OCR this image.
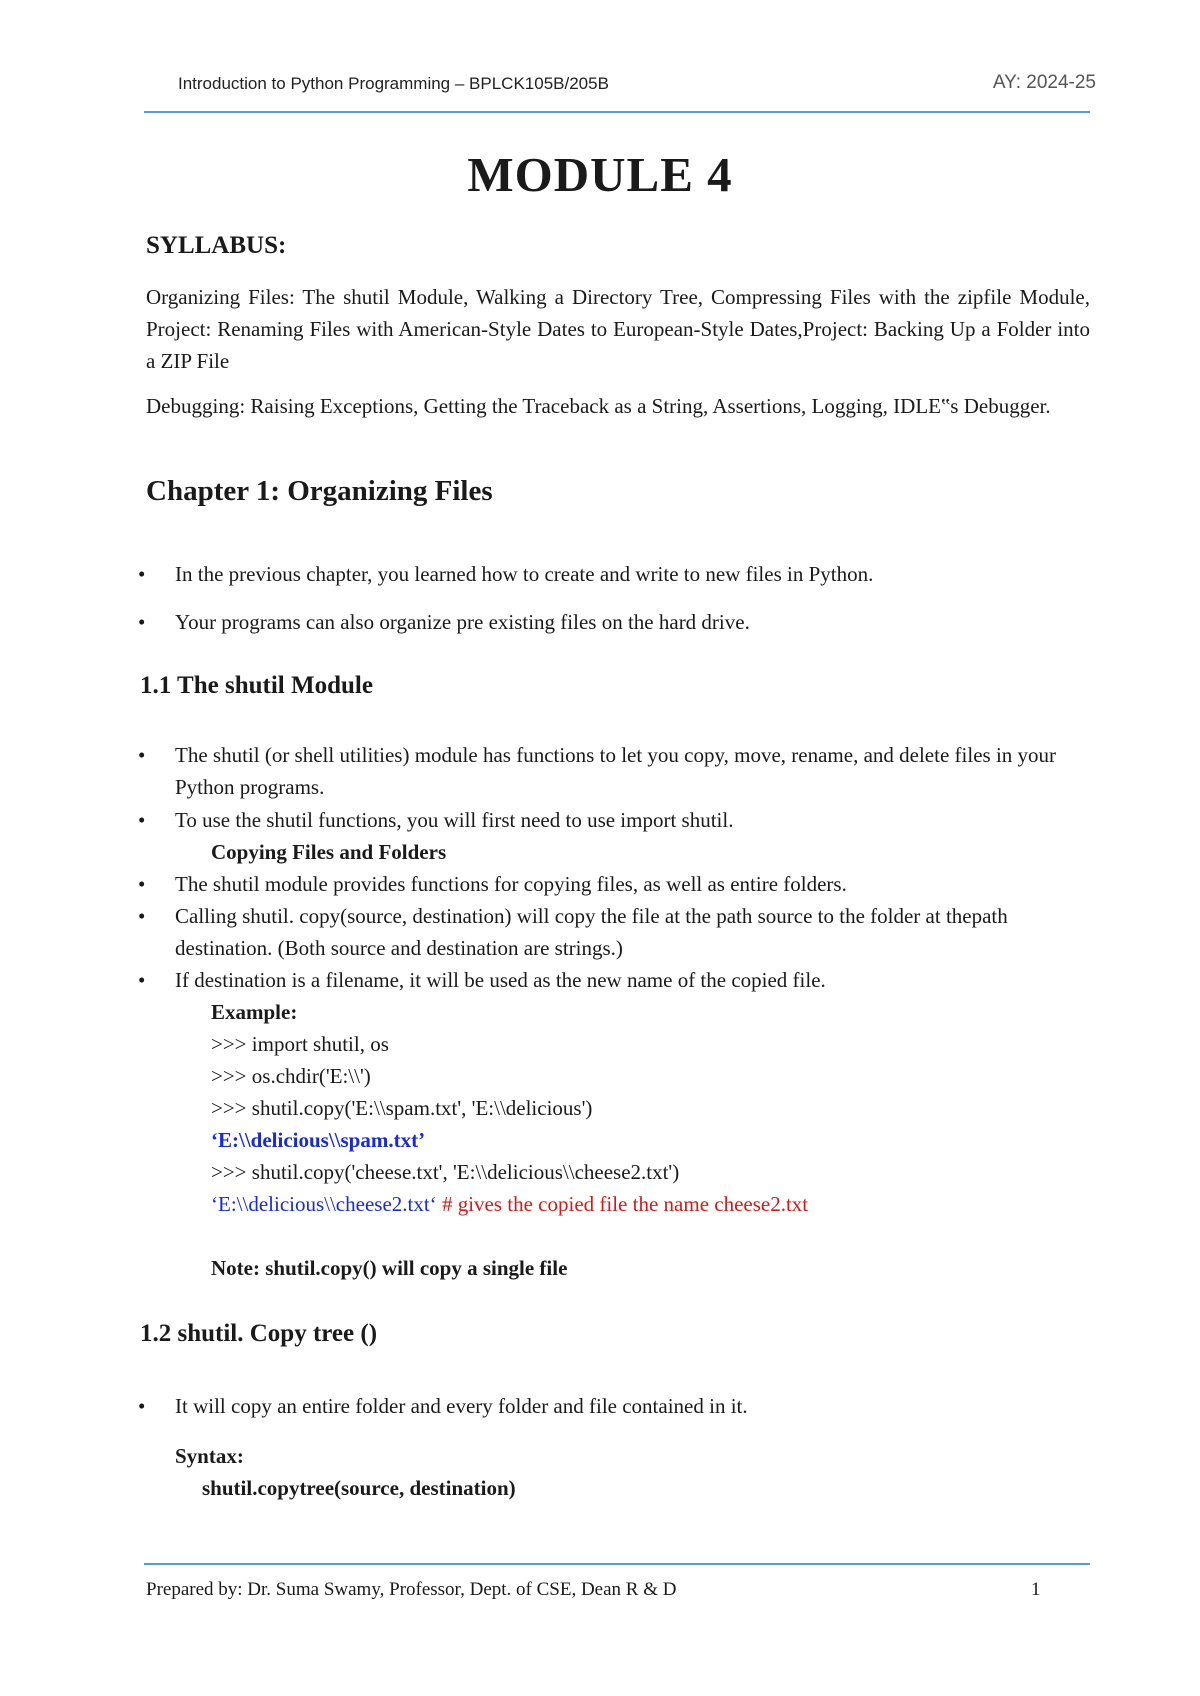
Introduction to Python Programming – BPLCK105B/205B	AY: 2024-25
MODULE 4
SYLLABUS:
Organizing Files: The shutil Module, Walking a Directory Tree, Compressing Files with the zipfile Module, Project: Renaming Files with American-Style Dates to European-Style Dates,Project: Backing Up a Folder into a ZIP File
Debugging: Raising Exceptions, Getting the Traceback as a String, Assertions, Logging, IDLE‟s Debugger.
Chapter 1: Organizing Files
• In the previous chapter, you learned how to create and write to new files in Python.
• Your programs can also organize pre existing files on the hard drive.
1.1 The shutil Module
• The shutil (or shell utilities) module has functions to let you copy, move, rename, and delete files in your Python programs.
• To use the shutil functions, you will first need to use import shutil.
Copying Files and Folders
• The shutil module provides functions for copying files, as well as entire folders.
• Calling shutil. copy(source, destination) will copy the file at the path source to the folder at thepath destination. (Both source and destination are strings.)
• If destination is a filename, it will be used as the new name of the copied file.
Example:
>>> import shutil, os
>>> os.chdir('E:\\')
>>> shutil.copy('E:\\spam.txt', 'E:\\delicious')
‘E:\\delicious\\spam.txt’
>>> shutil.copy('cheese.txt', 'E:\\delicious\\cheese2.txt')
‘E:\\delicious\\cheese2.txt‘ # gives the copied file the name cheese2.txt
Note: shutil.copy() will copy a single file
1.2 shutil. Copy tree ()
• It will copy an entire folder and every folder and file contained in it.
Syntax:
shutil.copytree(source, destination)
Prepared by: Dr. Suma Swamy, Professor, Dept. of CSE, Dean R & D	1
